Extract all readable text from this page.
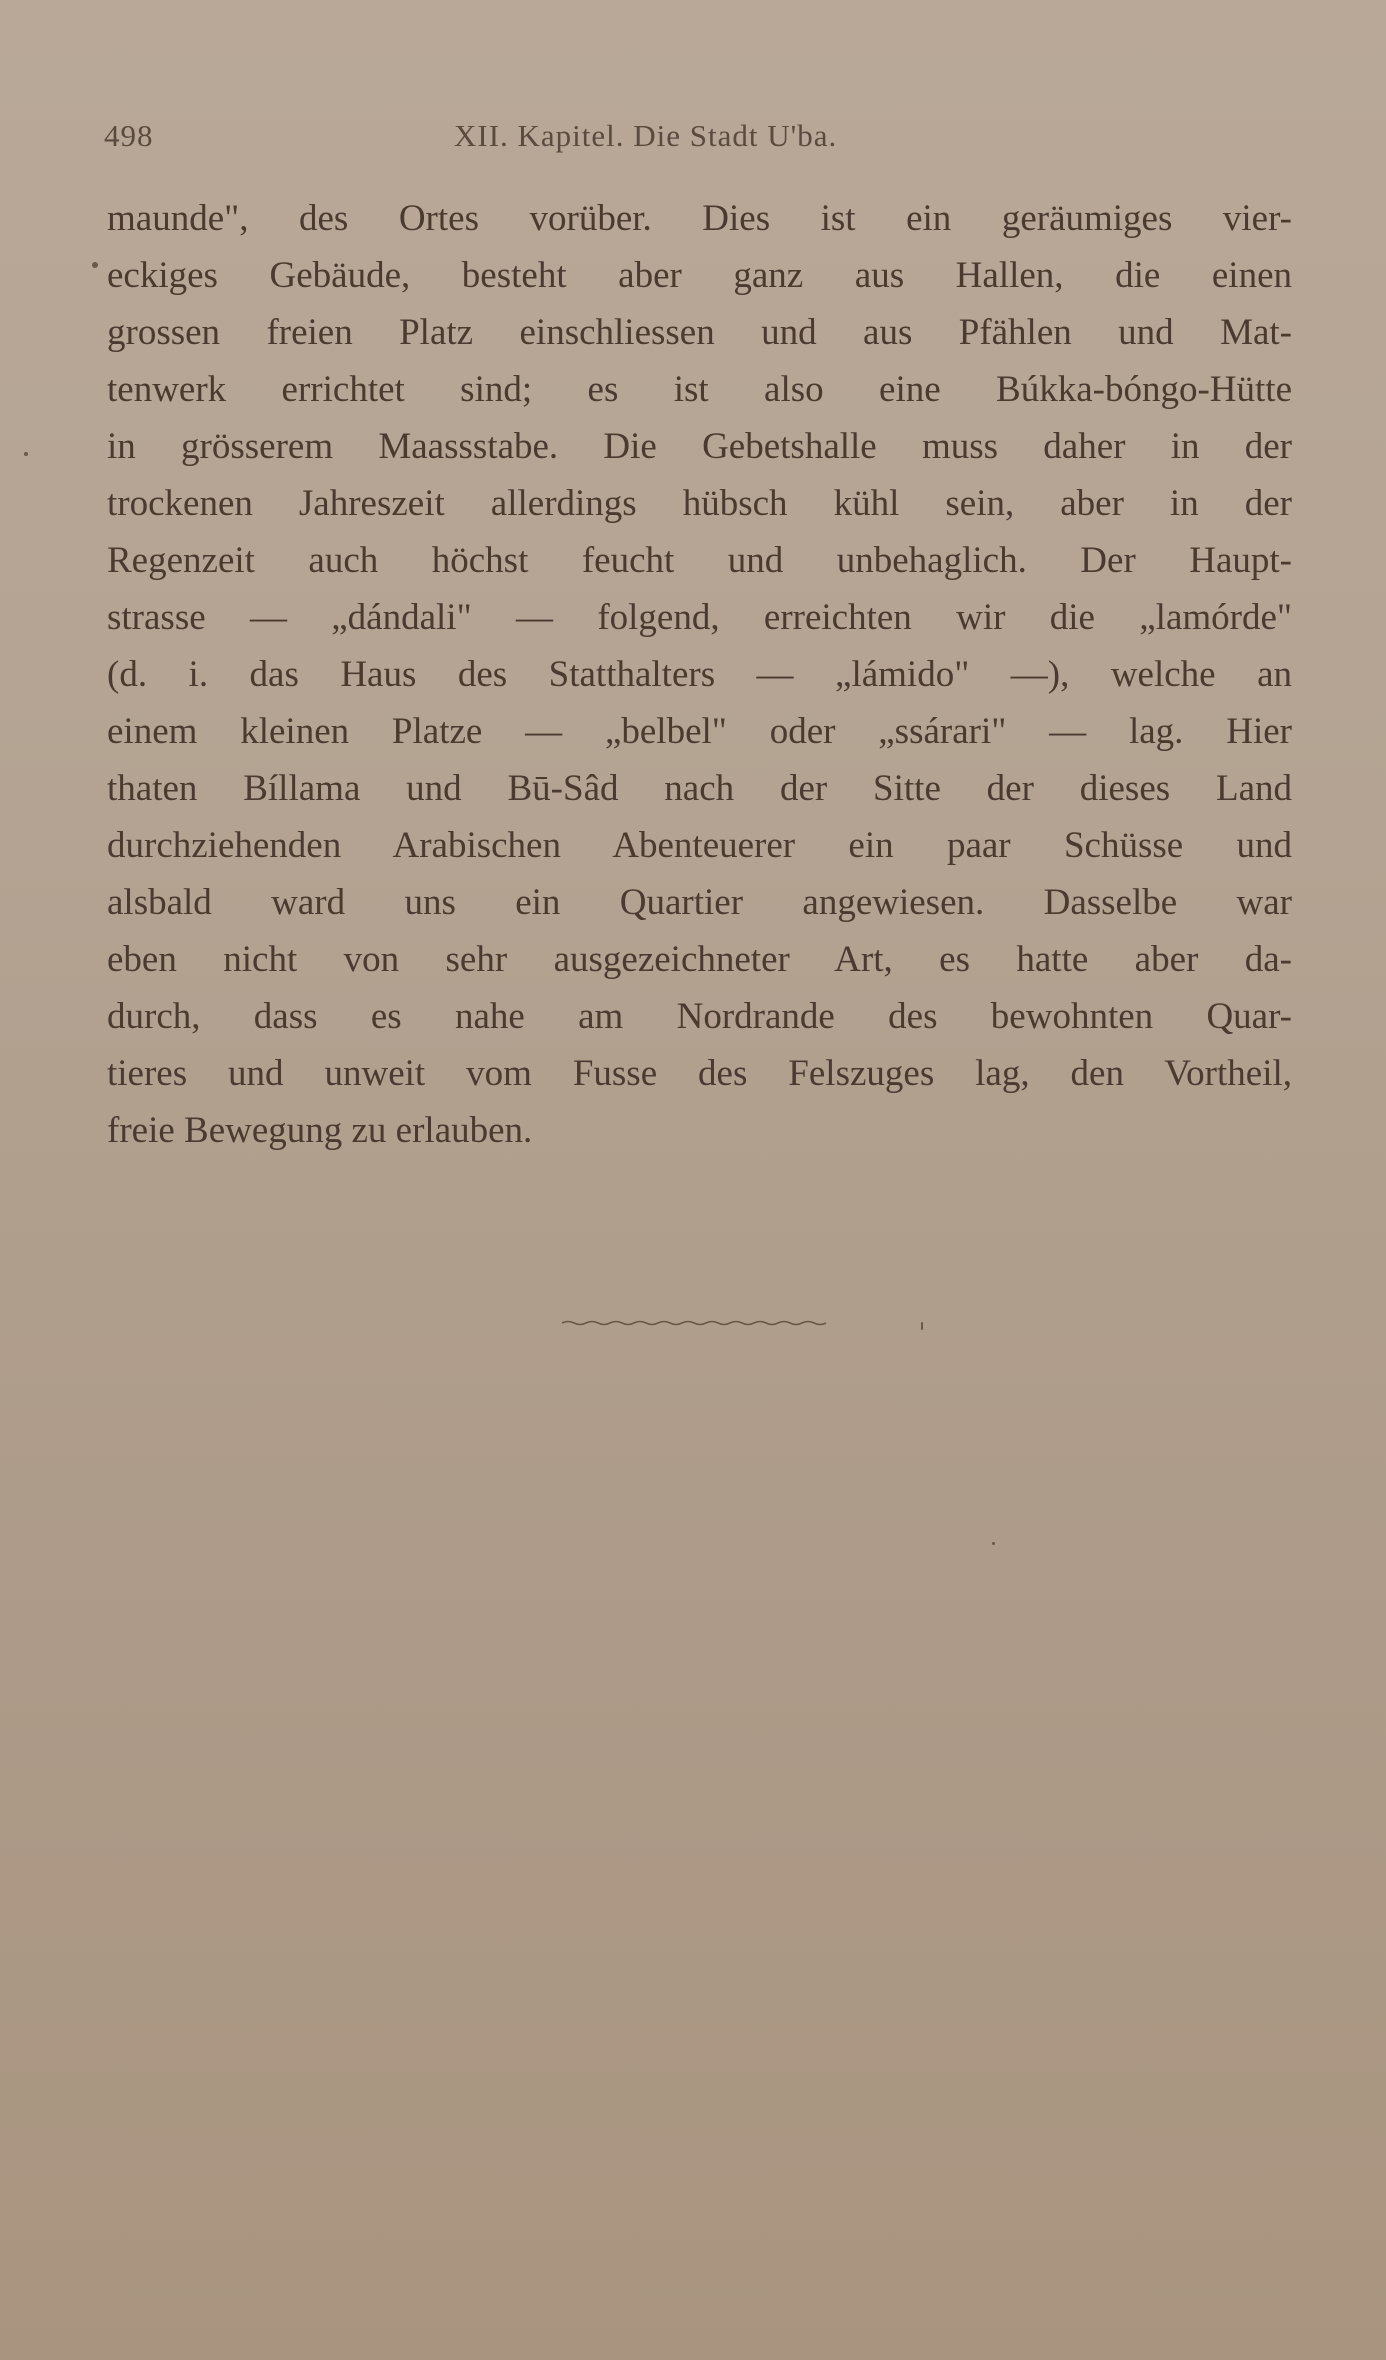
498	XII. Kapitel. Die Stadt U'ba.
maunde", des Ortes vorüber. Dies ist ein geräumiges vier-
eckiges Gebäude, besteht aber ganz aus Hallen, die einen
grossen freien Platz einschliessen und aus Pfählen und Mat-
tenwerk errichtet sind; es ist also eine Búkka-bóngo-Hütte
in grösserem Maassstabe. Die Gebetshalle muss daher in der
trockenen Jahreszeit allerdings hübsch kühl sein, aber in der
Regenzeit auch höchst feucht und unbehaglich. Der Haupt-
strasse — „dándali" — folgend, erreichten wir die „lamórde"
(d. i. das Haus des Statthalters — „lámido" —), welche an
einem kleinen Platze — „belbel" oder „ssárari" — lag. Hier
thaten Bíllama und Bū-Sâd nach der Sitte der dieses Land
durchziehenden Arabischen Abenteuerer ein paar Schüsse und
alsbald ward uns ein Quartier angewiesen. Dasselbe war
eben nicht von sehr ausgezeichneter Art, es hatte aber da-
durch, dass es nahe am Nordrande des bewohnten Quar-
tieres und unweit vom Fusse des Felszuges lag, den Vortheil,
freie Bewegung zu erlauben.
